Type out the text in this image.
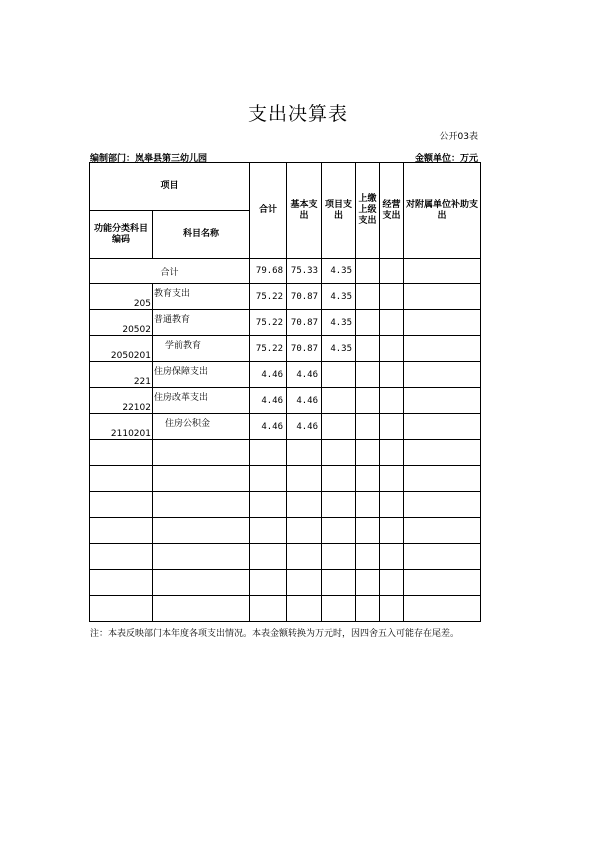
支出决算表
公开03表
编制部门：岚皋县第三幼儿园	金额单位：万元
项目		合计	基本支出	项目支出	上缴上级支出	经营支出	对附属单位补助支出
功能分类科目编码	科目名称						
合计		79.68	75.33	4.35			
205	教育支出	75.22	70.87	4.35			
20502	普通教育	75.22	70.87	4.35			
2050201	学前教育	75.22	70.87	4.35			
221	住房保障支出	4.46	4.46				
22102	住房改革支出	4.46	4.46				
2110201	住房公积金	4.46	4.46				

注：本表反映部门本年度各项支出情况。本表金额转换为万元时，因四舍五入可能存在尾差。
